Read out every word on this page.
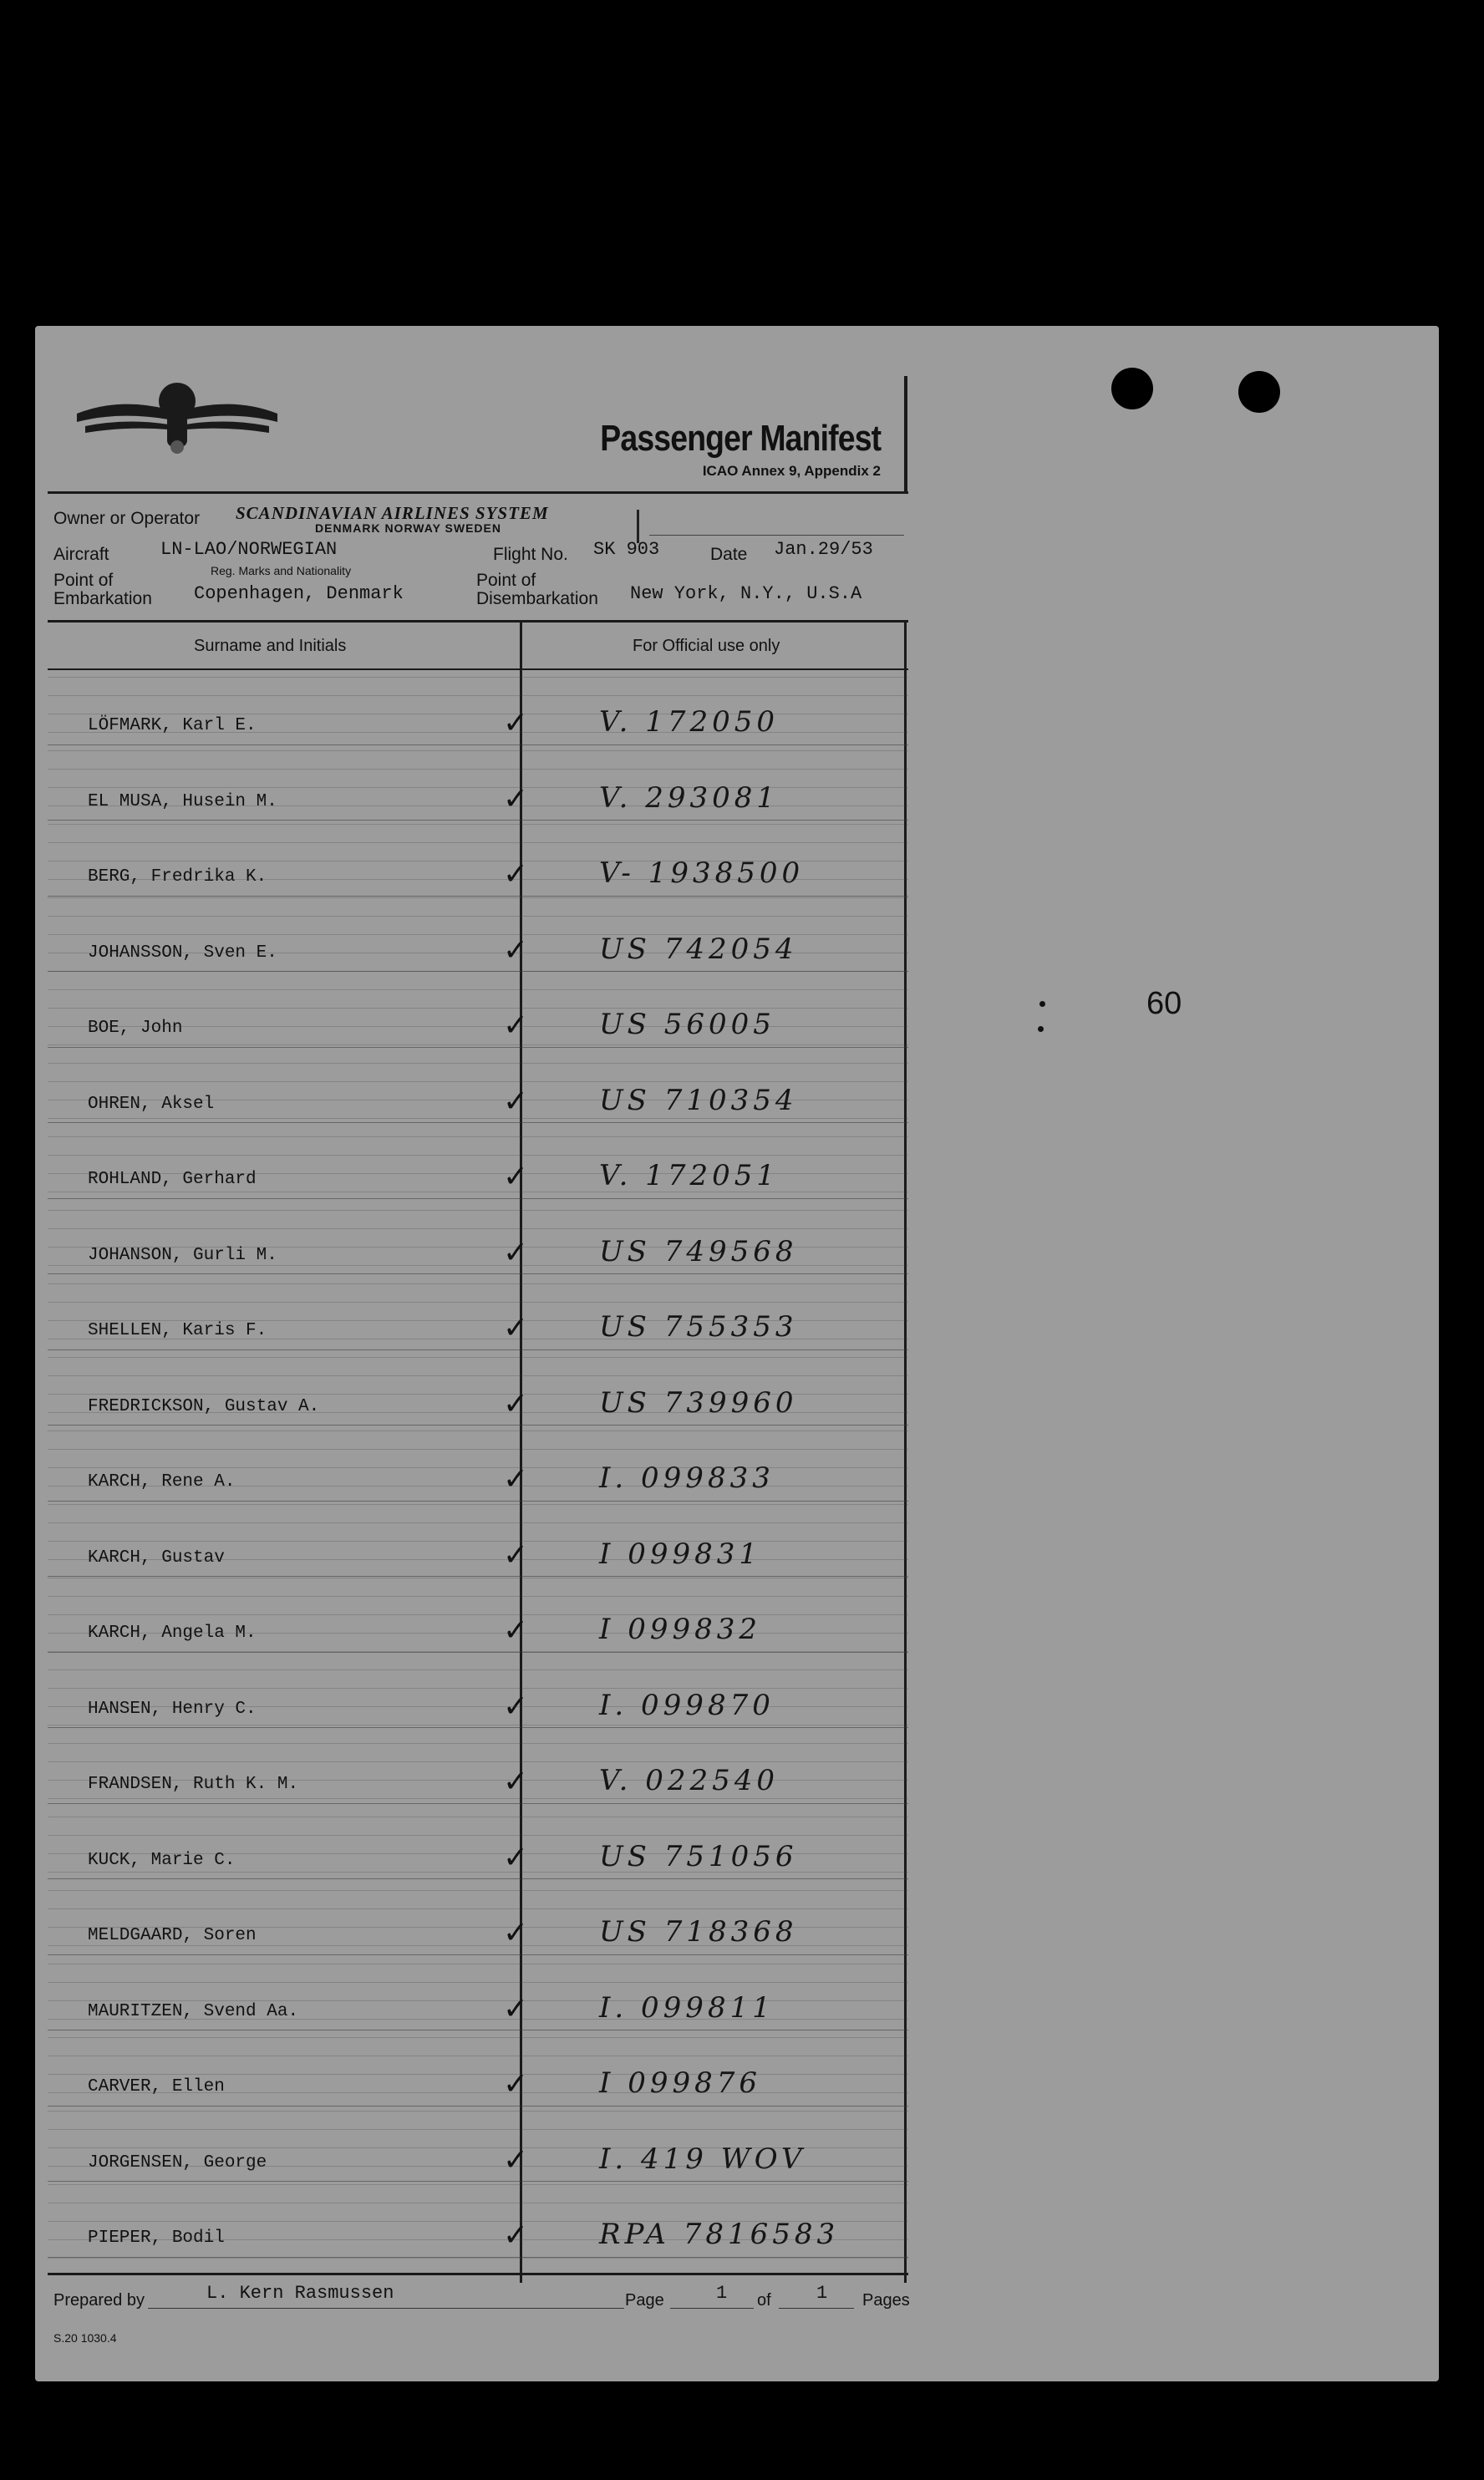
Passenger Manifest
ICAO Annex 9, Appendix 2
Owner or Operator SCANDINAVIAN AIRLINES SYSTEM
DENMARK NORWAY SWEDEN
Aircraft	LN-LAO/NORWEGIAN
Reg. Marks and Nationality
Flight No. SK 903	Date Jan.29/53
Point of
Embarkation Copenhagen, Denmark
Point of
Disembarkation New York, N.Y., U.S.A
Surname and Initials	For Official use only
LÖFMARK, Karl E.	✓ V. 172050
EL MUSA, Husein M.	✓ V. 293081
BERG, Fredrika K.	✓ V- 1938500
JOHANSSON, Sven E.	✓ US 742054
BOE, John	✓ US 56005
OHREN, Aksel	✓ US 710354
ROHLAND, Gerhard	✓ V. 172051
JOHANSON, Gurli M.	✓ US 749568
SHELLEN, Karis F.	✓ US 755353
FREDRICKSON, Gustav A.	✓ US 739960
KARCH, Rene A.	✓ I. 099833
KARCH, Gustav	✓ I 099831
KARCH, Angela M.	✓ I 099832
HANSEN, Henry C.	✓ I. 099870
FRANDSEN, Ruth K. M.	✓ V. 022540
KUCK, Marie C.	✓ US 751056
MELDGAARD, Soren	✓ US 718368
MAURITZEN, Svend Aa.	✓ I. 099811
CARVER, Ellen	✓ I 099876
JORGENSEN, George	✓ I. 419 WOV
PIEPER, Bodil	✓ RPA 7816583
Prepared by	L. Kern Rasmussen	Page	1 of 1 Pages
S.20 1030.4
60
